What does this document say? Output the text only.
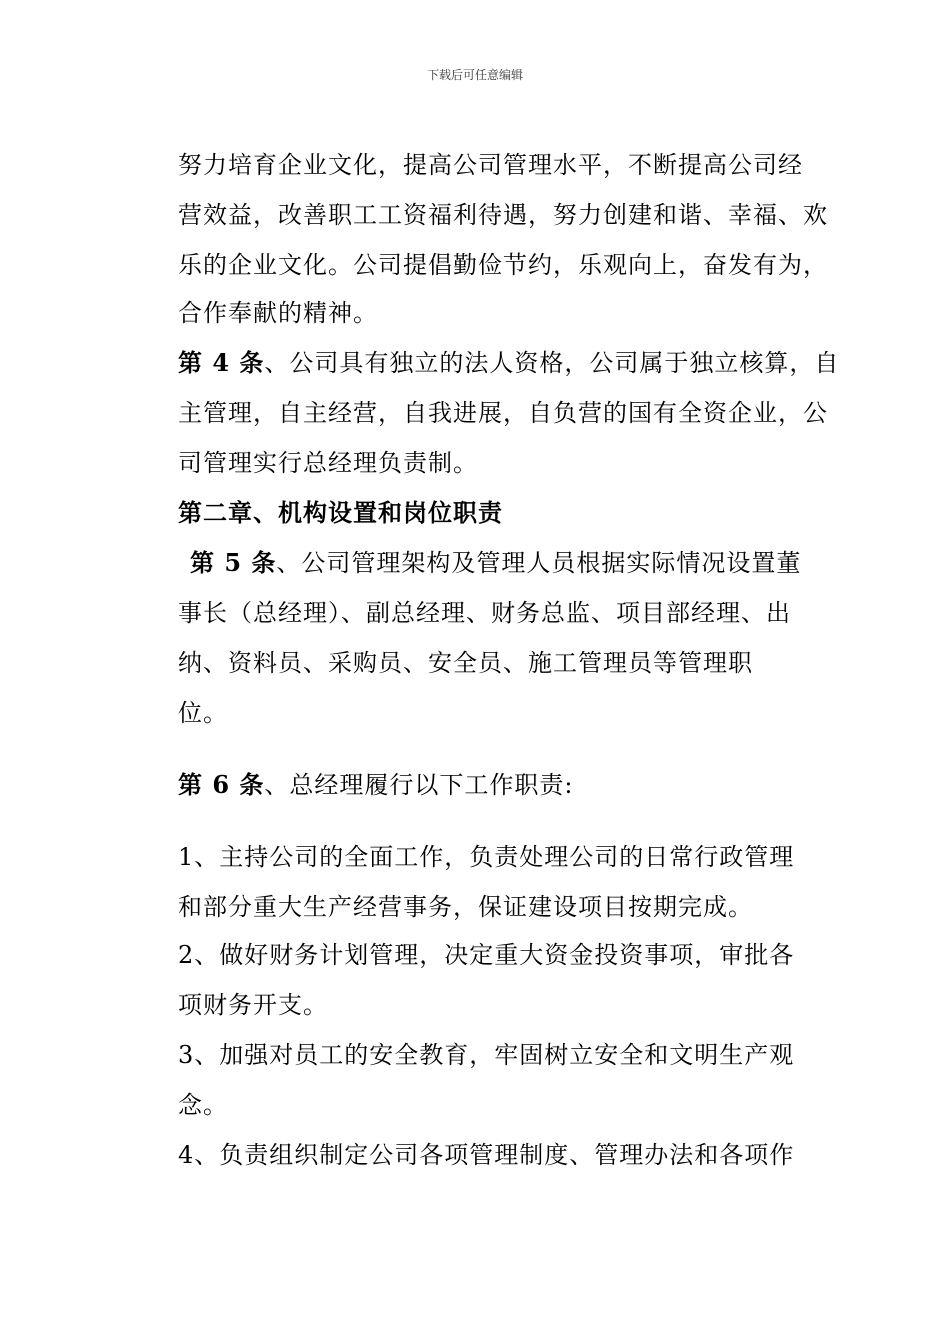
下载后可任意编辑
努力培育企业文化，提高公司管理水平，不断提高公司经
营效益，改善职工工资福利待遇，努力创建和谐、幸福、欢
乐的企业文化。公司提倡勤俭节约，乐观向上，奋发有为，
合作奉献的精神。
第 4 条、公司具有独立的法人资格，公司属于独立核算，自
主管理，自主经营，自我进展，自负营的国有全资企业，公
司管理实行总经理负责制。
第二章、机构设置和岗位职责
第 5 条、公司管理架构及管理人员根据实际情况设置董
事长（总经理）、副总经理、财务总监、项目部经理、出
纳、资料员、采购员、安全员、施工管理员等管理职
位。
第 6 条、总经理履行以下工作职责:
1、主持公司的全面工作，负责处理公司的日常行政管理
和部分重大生产经营事务，保证建设项目按期完成。
2、做好财务计划管理，决定重大资金投资事项，审批各
项财务开支。
3、加强对员工的安全教育，牢固树立安全和文明生产观
念。
4、负责组织制定公司各项管理制度、管理办法和各项作
